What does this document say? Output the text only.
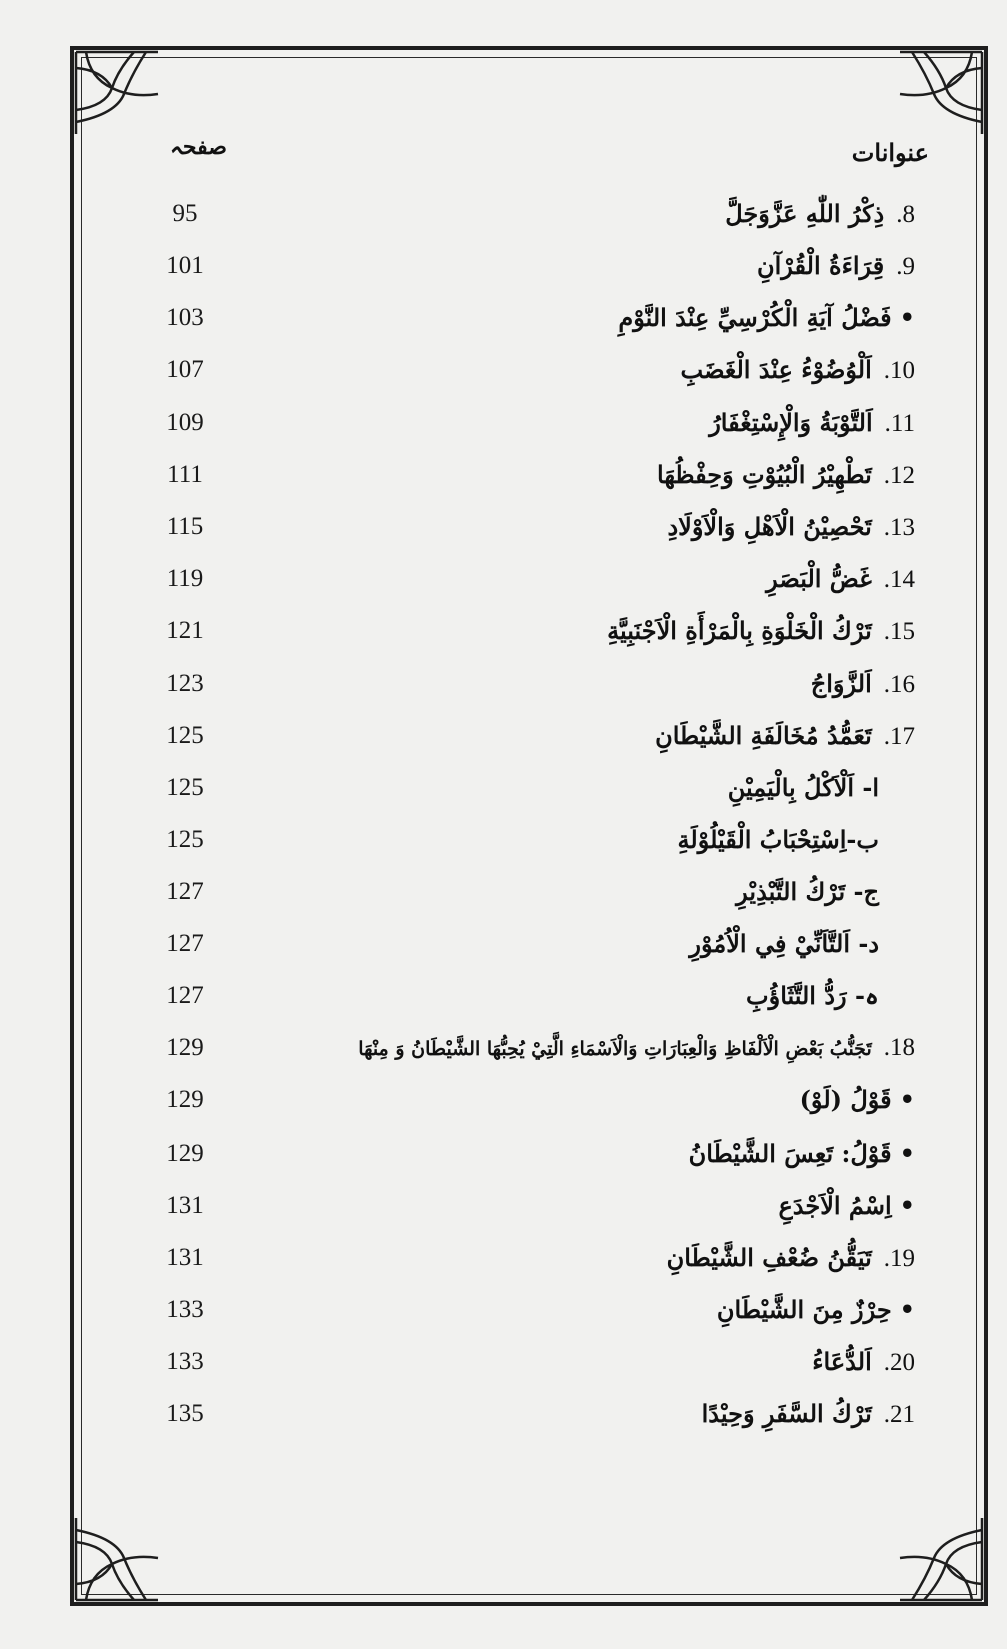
عنوانات
صفحہ
8.ذِكْرُ اللّٰهِ عَزَّوَجَلَّ
95
9.قِرَاءَةُ الْقُرْآنِ
101
•فَضْلُ آيَةِ الْكُرْسِيِّ عِنْدَ النَّوْمِ
103
10.اَلْوُضُوْءُ عِنْدَ الْغَضَبِ
107
11.اَلتَّوْبَةُ وَالْإِسْتِغْفَارُ
109
12.تَطْهِيْرُ الْبُيُوْتِ وَحِفْظُهَا
111
13.تَحْصِيْنُ الْاَهْلِ وَالْاَوْلَادِ
115
14.غَضُّ الْبَصَرِ
119
15.تَرْكُ الْخَلْوَةِ بِالْمَرْأَةِ الْاَجْنَبِيَّةِ
121
16.اَلزَّوَاجُ
123
17.تَعَمُّدُ مُخَالَفَةِ الشَّيْطَانِ
125
ا- اَلْاَكْلُ بِالْيَمِيْنِ
125
ب-اِسْتِحْبَابُ الْقَيْلُوْلَةِ
125
ج- تَرْكُ التَّبْذِيْرِ
127
د- اَلتَّاَنِّيْ فِي الْاُمُوْرِ
127
ہ- رَدُّ التَّثَاؤُبِ
127
18.تَجَنُّبُ بَعْضِ الْاَلْفَاظِ وَالْعِبَارَاتِ وَالْاَسْمَاءِ الَّتِيْ يُحِبُّهَا الشَّيْطَانُ وَ مِنْهَا
129
•قَوْلُ (لَوْ)
129
•قَوْلُ: تَعِسَ الشَّيْطَانُ
129
•اِسْمُ الْاَجْدَعِ
131
19.تَيَقُّنُ ضُعْفِ الشَّيْطَانِ
131
•حِرْزٌ مِنَ الشَّيْطَانِ
133
20.اَلدُّعَاءُ
133
21.تَرْكُ السَّفَرِ وَحِيْدًا
135
